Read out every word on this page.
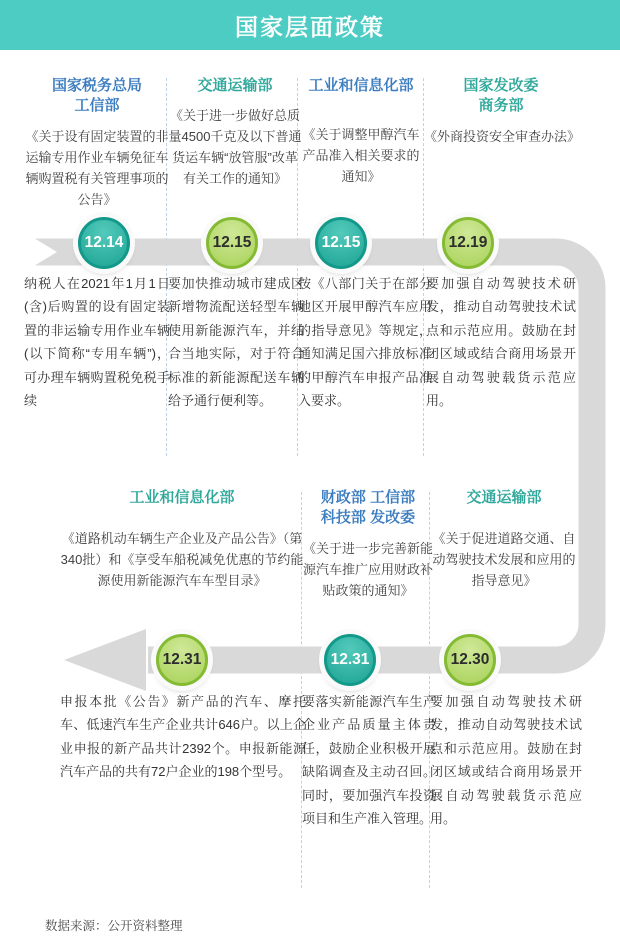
国家层面政策
国家税务总局
工信部
《关于设有固定装置的非运输专用作业车辆免征车辆购置税有关管理事项的公告》
交通运输部
《关于进一步做好总质量4500千克及以下普通货运车辆“放管服”改革有关工作的通知》
工业和信息化部
《关于调整甲醇汽车产品准入相关要求的通知》
国家发改委
商务部
《外商投资安全审查办法》
12.14	12.15	12.15	12.19
纳税人在2021年1月1日(含)后购置的设有固定装置的非运输专用作业车辆(以下简称“专用车辆”)，可办理车辆购置税免税手续
要加快推动城市建成区新增物流配送轻型车辆使用新能源汽车，并结合当地实际，对于符合标准的新能源配送车辆给予通行便利等。
按《八部门关于在部分地区开展甲醇汽车应用的指导意见》等规定，通知满足国六排放标准的甲醇汽车申报产品准入要求。
要加强自动驾驶技术研发，推动自动驾驶技术试点和示范应用。鼓励在封闭区域或结合商用场景开展自动驾驶载货示范应用。
工业和信息化部
《道路机动车辆生产企业及产品公告》（第340批）和《享受车船税减免优惠的节约能源使用新能源汽车车型目录》
财政部 工信部
科技部 发改委
《关于进一步完善新能源汽车推广应用财政补贴政策的通知》
交通运输部
《关于促进道路交通、自动驾驶技术发展和应用的指导意见》
12.31	12.31	12.30
申报本批《公告》新产品的汽车、摩托车、低速汽车生产企业共计646户。以上企业申报的新产品共计2392个。申报新能源汽车产品的共有72户企业的198个型号。
要落实新能源汽车生产企业产品质量主体责任，鼓励企业积极开展缺陷调查及主动召回。同时，要加强汽车投资项目和生产准入管理。
要加强自动驾驶技术研发，推动自动驾驶技术试点和示范应用。鼓励在封闭区域或结合商用场景开展自动驾驶载货示范应用。
数据来源：公开资料整理
